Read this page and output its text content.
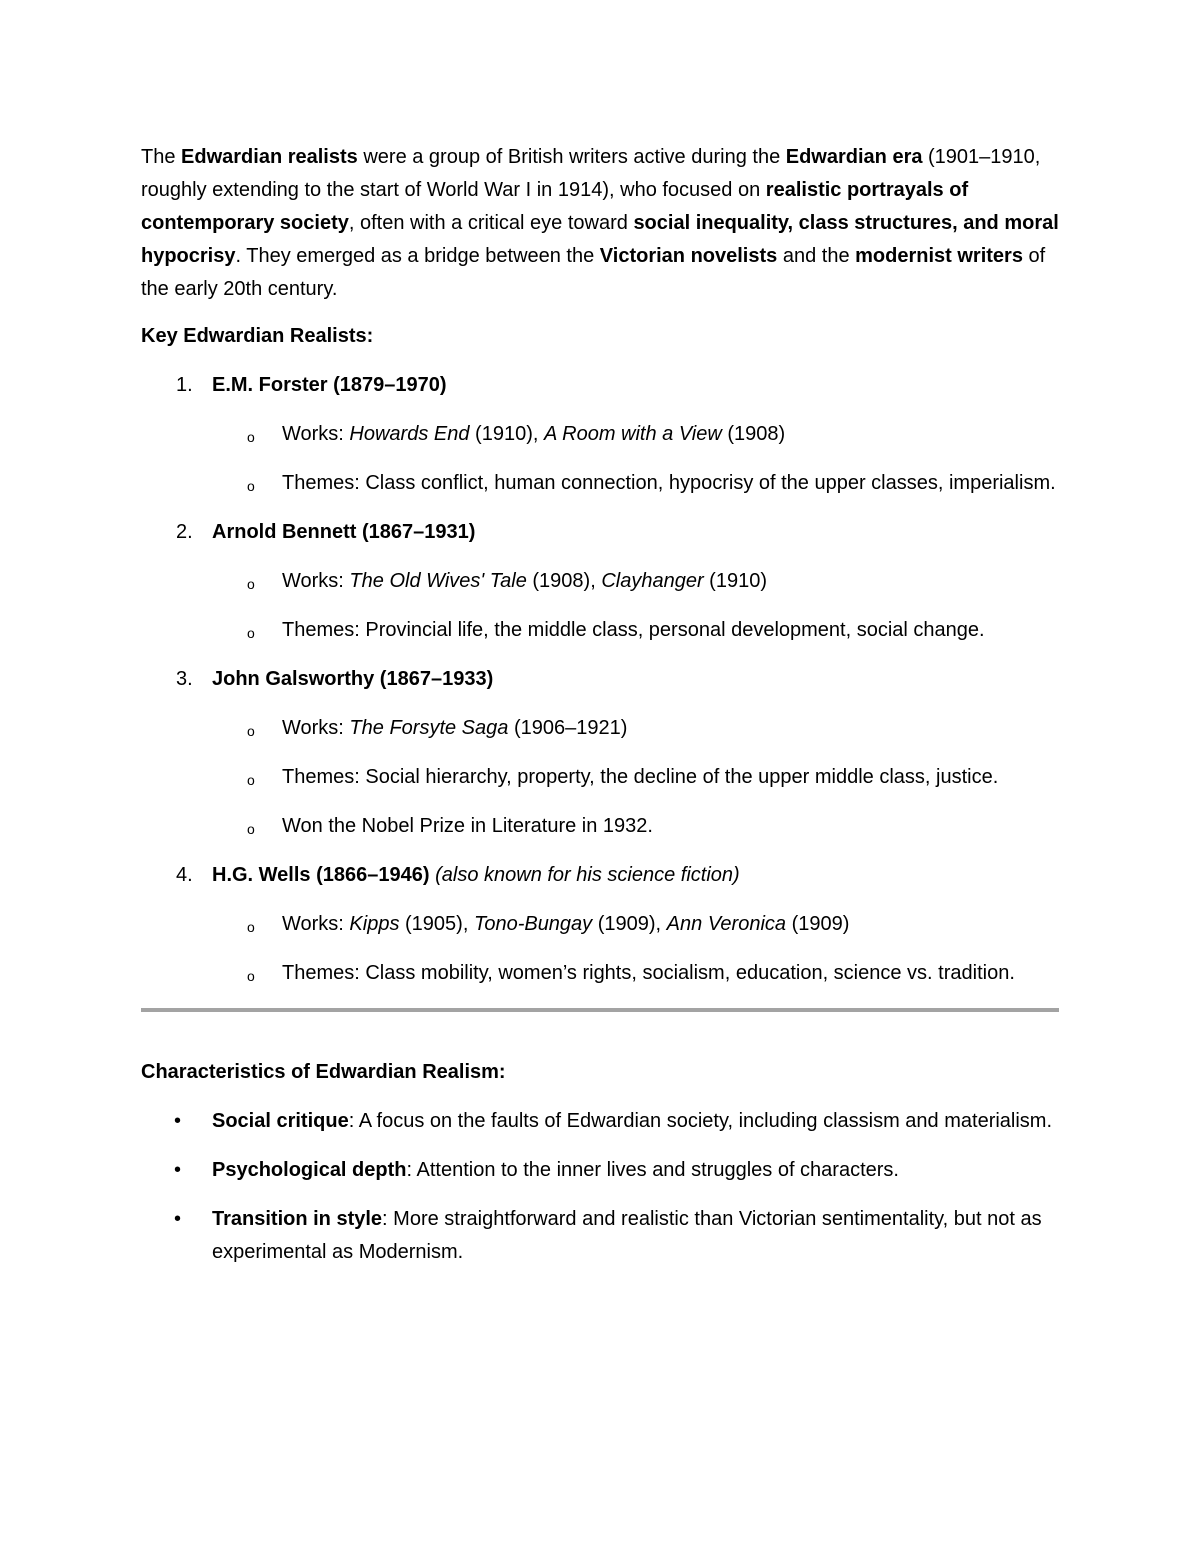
The Edwardian realists were a group of British writers active during the Edwardian era (1901–1910, roughly extending to the start of World War I in 1914), who focused on realistic portrayals of contemporary society, often with a critical eye toward social inequality, class structures, and moral hypocrisy. They emerged as a bridge between the Victorian novelists and the modernist writers of the early 20th century.

Key Edwardian Realists:

1. E.M. Forster (1879–1970)
o Works: Howards End (1910), A Room with a View (1908)
o Themes: Class conflict, human connection, hypocrisy of the upper classes, imperialism.
2. Arnold Bennett (1867–1931)
o Works: The Old Wives' Tale (1908), Clayhanger (1910)
o Themes: Provincial life, the middle class, personal development, social change.
3. John Galsworthy (1867–1933)
o Works: The Forsyte Saga (1906–1921)
o Themes: Social hierarchy, property, the decline of the upper middle class, justice.
o Won the Nobel Prize in Literature in 1932.
4. H.G. Wells (1866–1946) (also known for his science fiction)
o Works: Kipps (1905), Tono-Bungay (1909), Ann Veronica (1909)
o Themes: Class mobility, women’s rights, socialism, education, science vs. tradition.

Characteristics of Edwardian Realism:

• Social critique: A focus on the faults of Edwardian society, including classism and materialism.
• Psychological depth: Attention to the inner lives and struggles of characters.
• Transition in style: More straightforward and realistic than Victorian sentimentality, but not as experimental as Modernism.
